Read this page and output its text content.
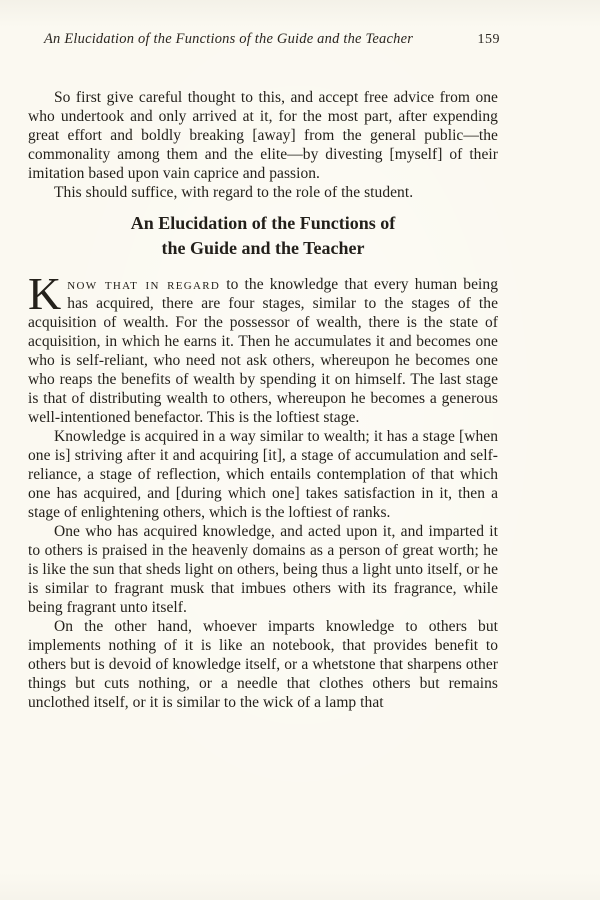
An Elucidation of the Functions of the Guide and the Teacher	159

So first give careful thought to this, and accept free advice from one who undertook and only arrived at it, for the most part, after expending great effort and boldly breaking [away] from the general public—the commonality among them and the elite—by divesting [myself] of their imitation based upon vain caprice and passion.

This should suffice, with regard to the role of the student.

An Elucidation of the Functions of
the Guide and the Teacher

Know that in regard to the knowledge that every human being has acquired, there are four stages, similar to the stages of the acquisition of wealth. For the possessor of wealth, there is the state of acquisition, in which he earns it. Then he accumulates it and becomes one who is self-reliant, who need not ask others, whereupon he becomes one who reaps the benefits of wealth by spending it on himself. The last stage is that of distributing wealth to others, whereupon he becomes a generous well-intentioned benefactor. This is the loftiest stage.

Knowledge is acquired in a way similar to wealth; it has a stage [when one is] striving after it and acquiring [it], a stage of accumulation and self-reliance, a stage of reflection, which entails contemplation of that which one has acquired, and [during which one] takes satisfaction in it, then a stage of enlightening others, which is the loftiest of ranks.

One who has acquired knowledge, and acted upon it, and imparted it to others is praised in the heavenly domains as a person of great worth; he is like the sun that sheds light on others, being thus a light unto itself, or he is similar to fragrant musk that imbues others with its fragrance, while being fragrant unto itself.

On the other hand, whoever imparts knowledge to others but implements nothing of it is like an notebook, that provides benefit to others but is devoid of knowledge itself, or a whetstone that sharpens other things but cuts nothing, or a needle that clothes others but remains unclothed itself, or it is similar to the wick of a lamp that
